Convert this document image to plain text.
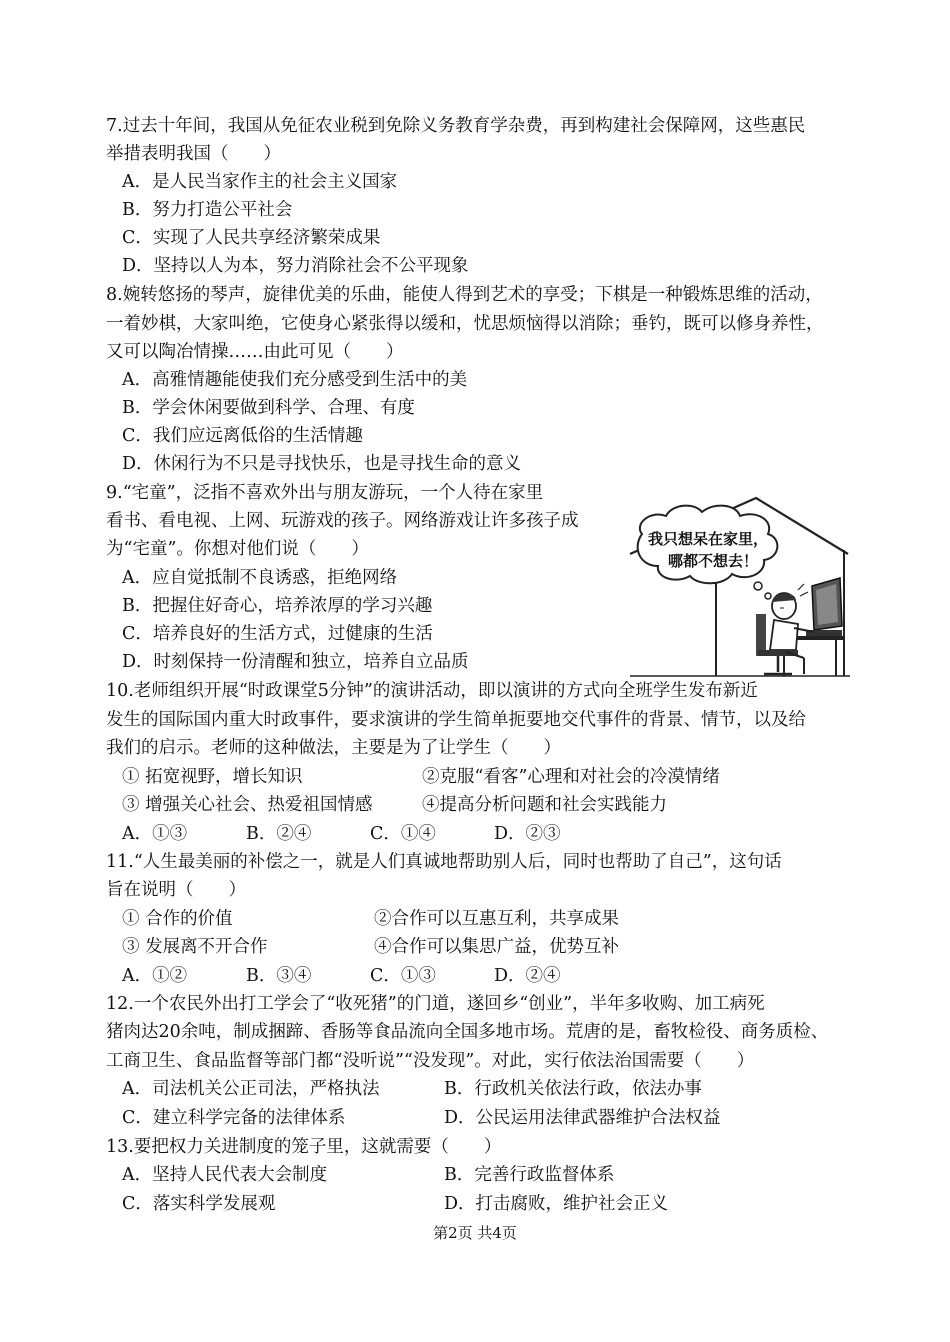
7.过去十年间，我国从免征农业税到免除义务教育学杂费，再到构建社会保障网，这些惠民
举措表明我国（　　）
A．是人民当家作主的社会主义国家
B．努力打造公平社会
C．实现了人民共享经济繁荣成果
D．坚持以人为本，努力消除社会不公平现象
8.婉转悠扬的琴声，旋律优美的乐曲，能使人得到艺术的享受；下棋是一种锻炼思维的活动，
一着妙棋，大家叫绝，它使身心紧张得以缓和，忧思烦恼得以消除；垂钓，既可以修身养性，
又可以陶冶情操……由此可见（　　）
A．高雅情趣能使我们充分感受到生活中的美
B．学会休闲要做到科学、合理、有度
C．我们应远离低俗的生活情趣
D．休闲行为不只是寻找快乐，也是寻找生命的意义
9.“宅童”，泛指不喜欢外出与朋友游玩，一个人待在家里
看书、看电视、上网、玩游戏的孩子。网络游戏让许多孩子成
为“宅童”。你想对他们说（　　）
A．应自觉抵制不良诱惑，拒绝网络
B．把握住好奇心，培养浓厚的学习兴趣
C．培养良好的生活方式，过健康的生活
D．时刻保持一份清醒和独立，培养自立品质
我只想呆在家里，
哪都不想去！
10.老师组织开展“时政课堂5分钟”的演讲活动，即以演讲的方式向全班学生发布新近
发生的国际国内重大时政事件，要求演讲的学生简单扼要地交代事件的背景、情节，以及给
我们的启示。老师的这种做法，主要是为了让学生（　　）
① 拓宽视野，增长知识	②克服“看客”心理和对社会的冷漠情绪
③ 增强关心社会、热爱祖国情感	④提高分析问题和社会实践能力
A．①③	B．②④	C．①④	D．②③
11.“人生最美丽的补偿之一，就是人们真诚地帮助别人后，同时也帮助了自己”，这句话
旨在说明（　　）
① 合作的价值	②合作可以互惠互利，共享成果
③ 发展离不开合作	④合作可以集思广益，优势互补
A．①②	B．③④	C．①③	D．②④
12.一个农民外出打工学会了“收死猪”的门道，遂回乡“创业”，半年多收购、加工病死
猪肉达20余吨，制成捆蹄、香肠等食品流向全国多地市场。荒唐的是，畜牧检役、商务质检、
工商卫生、食品监督等部门都“没听说”“没发现”。对此，实行依法治国需要（　　）
A．司法机关公正司法，严格执法	B．行政机关依法行政，依法办事
C．建立科学完备的法律体系	D．公民运用法律武器维护合法权益
13.要把权力关进制度的笼子里，这就需要（　　）
A．坚持人民代表大会制度	B．完善行政监督体系
C．落实科学发展观	D．打击腐败，维护社会正义
第2页 共4页
